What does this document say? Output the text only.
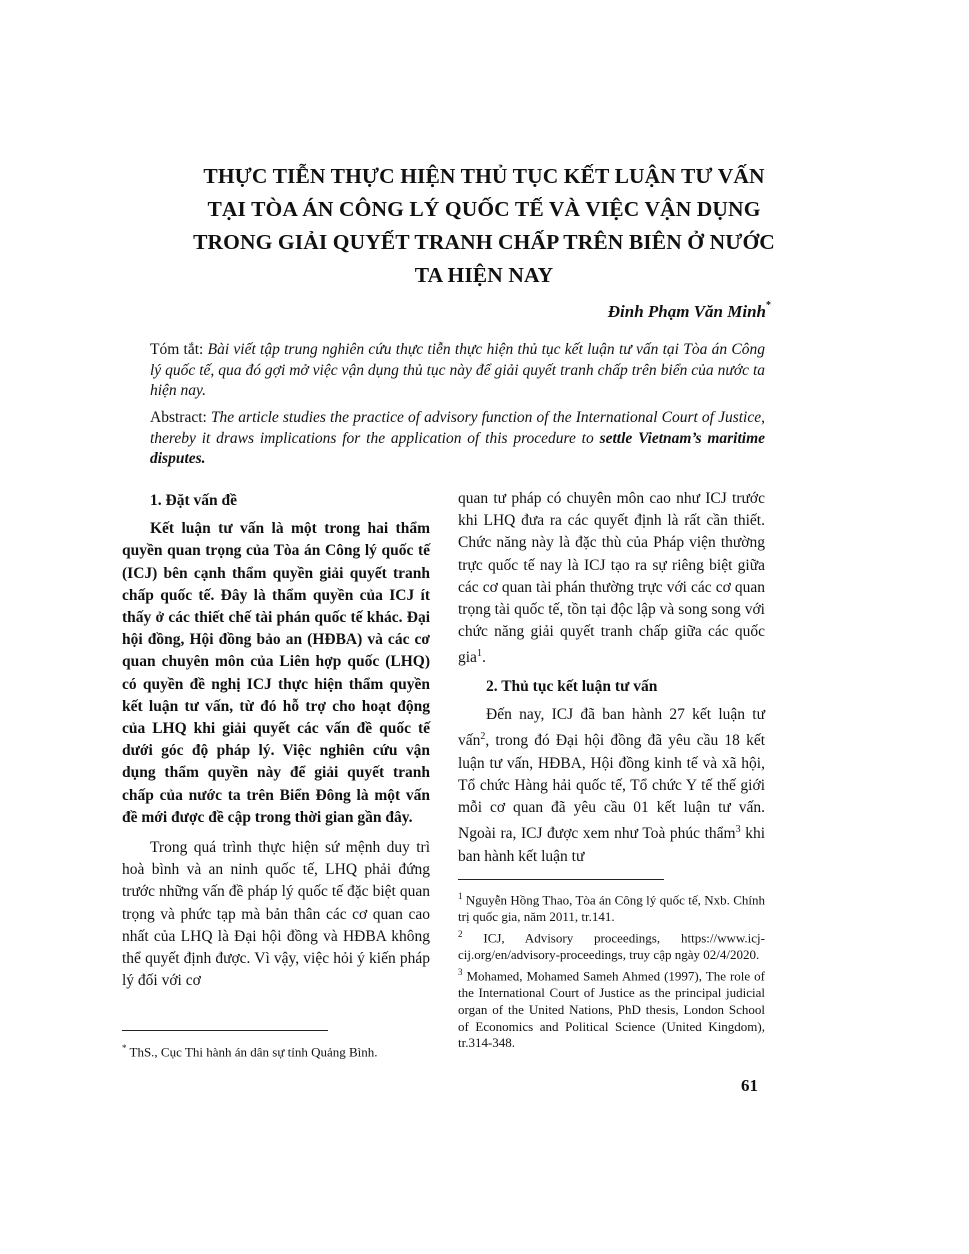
THỰC TIỄN THỰC HIỆN THỦ TỤC KẾT LUẬN TƯ VẤN
TẠI TÒA ÁN CÔNG LÝ QUỐC TẾ VÀ VIỆC VẬN DỤNG
TRONG GIẢI QUYẾT TRANH CHẤP TRÊN BIÊN Ở NƯỚC
TA HIỆN NAY
Đinh Phạm Văn Minh*

Tóm tắt: Bài viết tập trung nghiên cứu thực tiễn thực hiện thủ tục kết luận tư vấn tại Tòa án Công lý quốc tế, qua đó gợi mở việc vận dụng thủ tục này để giải quyết tranh chấp trên biển của nước ta hiện nay.

Abstract: The article studies the practice of advisory function of the International Court of Justice, thereby it draws implications for the application of this procedure to settle Vietnam’s maritime disputes.

1. Đặt vấn đề

Kết luận tư vấn là một trong hai thẩm quyền quan trọng của Tòa án Công lý quốc tế (ICJ) bên cạnh thẩm quyền giải quyết tranh chấp quốc tế. Đây là thẩm quyền của ICJ ít thấy ở các thiết chế tài phán quốc tế khác. Đại hội đồng, Hội đồng bảo an (HĐBA) và các cơ quan chuyên môn của Liên hợp quốc (LHQ) có quyền đề nghị ICJ thực hiện thẩm quyền kết luận tư vấn, từ đó hỗ trợ cho hoạt động của LHQ khi giải quyết các vấn đề quốc tế dưới góc độ pháp lý. Việc nghiên cứu vận dụng thẩm quyền này để giải quyết tranh chấp của nước ta trên Biển Đông là một vấn đề mới được đề cập trong thời gian gần đây.

Trong quá trình thực hiện sứ mệnh duy trì hoà bình và an ninh quốc tế, LHQ phải đứng trước những vấn đề pháp lý quốc tế đặc biệt quan trọng và phức tạp mà bản thân các cơ quan cao nhất của LHQ là Đại hội đồng và HĐBA không thể quyết định được. Vì vậy, việc hỏi ý kiến pháp lý đối với cơ

* ThS., Cục Thi hành án dân sự tỉnh Quảng Bình.

quan tư pháp có chuyên môn cao như ICJ trước khi LHQ đưa ra các quyết định là rất cần thiết. Chức năng này là đặc thù của Pháp viện thường trực quốc tế nay là ICJ tạo ra sự riêng biệt giữa các cơ quan tài phán thường trực với các cơ quan trọng tài quốc tế, tồn tại độc lập và song song với chức năng giải quyết tranh chấp giữa các quốc gia$^1$.

2. Thủ tục kết luận tư vấn

Đến nay, ICJ đã ban hành 27 kết luận tư vấn$^2$, trong đó Đại hội đồng đã yêu cầu 18 kết luận tư vấn, HĐBA, Hội đồng kinh tế và xã hội, Tổ chức Hàng hải quốc tế, Tổ chức Y tế thế giới mỗi cơ quan đã yêu cầu 01 kết luận tư vấn. Ngoài ra, ICJ được xem như Toà phúc thẩm$^3$ khi ban hành kết luận tư

$^1$ Nguyễn Hồng Thao, Tòa án Công lý quốc tế, Nxb. Chính trị quốc gia, năm 2011, tr.141.

$^2$ ICJ, Advisory proceedings, https://www.icj-cij.org/en/advisory-proceedings, truy cập ngày 02/4/2020.

$^3$ Mohamed, Mohamed Sameh Ahmed (1997), The role of the International Court of Justice as the principal judicial organ of the United Nations, PhD thesis, London School of Economics and Political Science (United Kingdom), tr.314-348.

61
